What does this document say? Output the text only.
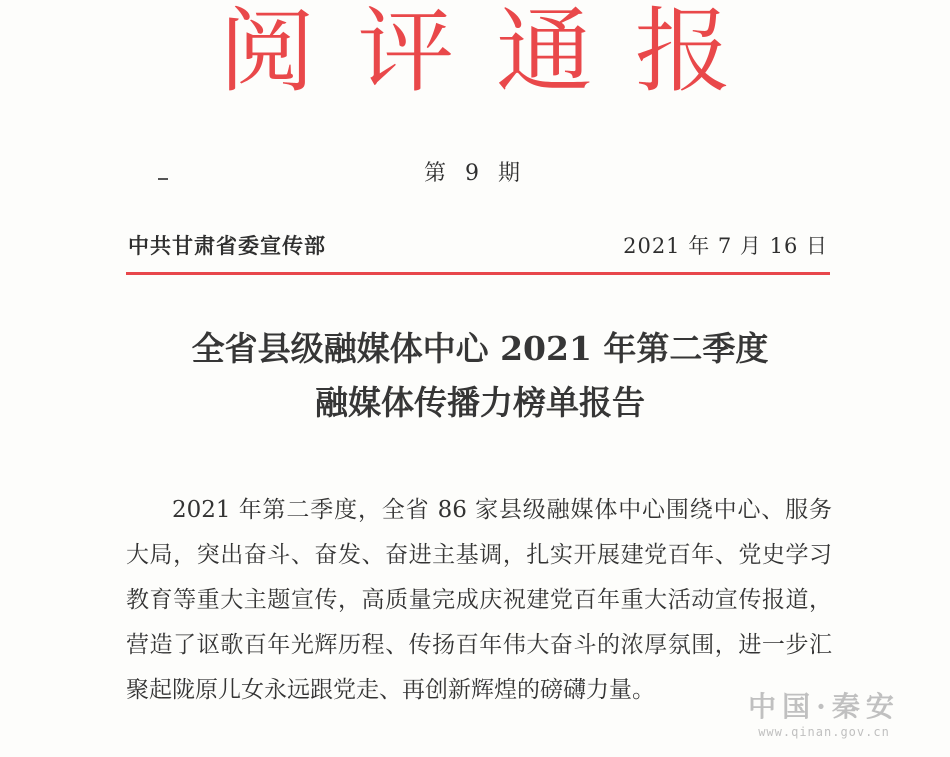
阅评通报
第 9 期
中共甘肃省委宣传部	2021 年 7 月 16 日
全省县级融媒体中心 2021 年第二季度
融媒体传播力榜单报告
2021 年第二季度，全省 86 家县级融媒体中心围绕中心、服务大局，突出奋斗、奋发、奋进主基调，扎实开展建党百年、党史学习教育等重大主题宣传，高质量完成庆祝建党百年重大活动宣传报道，营造了讴歌百年光辉历程、传扬百年伟大奋斗的浓厚氛围，进一步汇聚起陇原儿女永远跟党走、再创新辉煌的磅礴力量。	中国·秦安
www.qinan.gov.cn
